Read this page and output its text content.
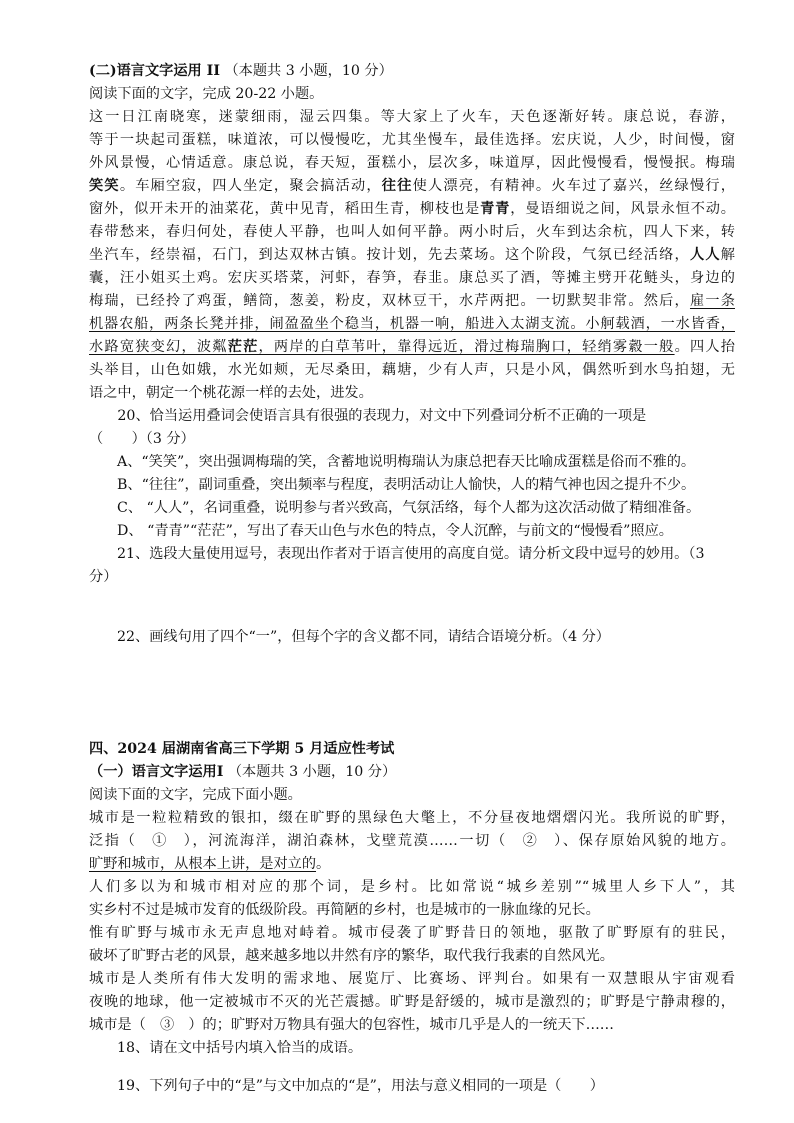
(二)语言文字运用 II （本题共 3 小题，10 分）
阅读下面的文字，完成 20-22 小题。
这一日江南晓寒，迷蒙细雨，湿云四集。等大家上了火车，天色逐渐好转。康总说，春游，
等于一块起司蛋糕，味道浓，可以慢慢吃，尤其坐慢车，最佳选择。宏庆说，人少，时间慢，窗
外风景慢，心情适意。康总说，春天短，蛋糕小，层次多，味道厚，因此慢慢看，慢慢抿。梅瑞
笑笑。车厢空寂，四人坐定，聚会搞活动，往往使人漂亮，有精神。火车过了嘉兴，丝绿慢行，
窗外，似开未开的油菜花，黄中见青，稻田生青，柳枝也是青青，曼语细说之间，风景永恒不动。
春带愁来，春归何处，春使人平静，也叫人如何平静。两小时后，火车到达余杭，四人下来，转
坐汽车，经崇福，石门，到达双林古镇。按计划，先去菜场。这个阶段，气氛已经活络，人人解
囊，汪小姐买土鸡。宏庆买塔菜，河虾，春笋，春韭。康总买了酒，等摊主劈开花鲢头，身边的
梅瑞，已经拎了鸡蛋，鳝筒，葱姜，粉皮，双林豆干，水芹两把。一切默契非常。然后，雇一条
机器农船，两条长凳并排，闹盈盈坐个稳当，机器一响，船进入太湖支流。小舸载酒，一水皆香，
水路宽狭变幻，波粼茫茫，两岸的白草苇叶，靠得远近，滑过梅瑞胸口，轻绡雾縠一般。四人抬
头举目，山色如娥，水光如颊，无尽桑田，藕塘，少有人声，只是小风，偶然听到水鸟拍翅，无
语之中，朝定一个桃花源一样的去处，进发。
20、恰当运用叠词会使语言具有很强的表现力，对文中下列叠词分析不正确的一项是
（　　）（3 分）
A、“笑笑”，突出强调梅瑞的笑，含蓄地说明梅瑞认为康总把春天比喻成蛋糕是俗而不雅的。
B、“往往”，副词重叠，突出频率与程度，表明活动让人愉快，人的精气神也因之提升不少。
C、 “人人”，名词重叠，说明参与者兴致高，气氛活络，每个人都为这次活动做了精细准备。
D、 “青青”“茫茫”，写出了春天山色与水色的特点，令人沉醉，与前文的“慢慢看”照应。
21、选段大量使用逗号，表现出作者对于语言使用的高度自觉。请分析文段中逗号的妙用。（3
分）
22、画线句用了四个“一”，但每个字的含义都不同，请结合语境分析。（4 分）
四、2024 届湖南省高三下学期 5 月适应性考试
（一）语言文字运用Ⅰ （本题共 3 小题，10 分）
阅读下面的文字，完成下面小题。
城市是一粒粒精致的银扣，缀在旷野的黑绿色大氅上，不分昼夜地熠熠闪光。我所说的旷野，
泛指（　①　），河流海洋，湖泊森林，戈壁荒漠……一切（　②　）、保存原始风貌的地方。
旷野和城市，从根本上讲，是对立的。
人们多以为和城市相对应的那个词，是乡村。比如常说“城乡差别”“城里人乡下人”，其
实乡村不过是城市发育的低级阶段。再简陋的乡村，也是城市的一脉血缘的兄长。
惟有旷野与城市永无声息地对峙着。城市侵袭了旷野昔日的领地，驱散了旷野原有的驻民，
破坏了旷野古老的风景，越来越多地以井然有序的繁华，取代我行我素的自然风光。
城市是人类所有伟大发明的需求地、展览厅、比赛场、评判台。如果有一双慧眼从宇宙观看
夜晚的地球，他一定被城市不灭的光芒震撼。旷野是舒缓的，城市是激烈的；旷野是宁静肃穆的，
城市是（　③　）的；旷野对万物具有强大的包容性，城市几乎是人的一统天下……
18、请在文中括号内填入恰当的成语。
19、下列句子中的“是”与文中加点的“是”，用法与意义相同的一项是（　　）
